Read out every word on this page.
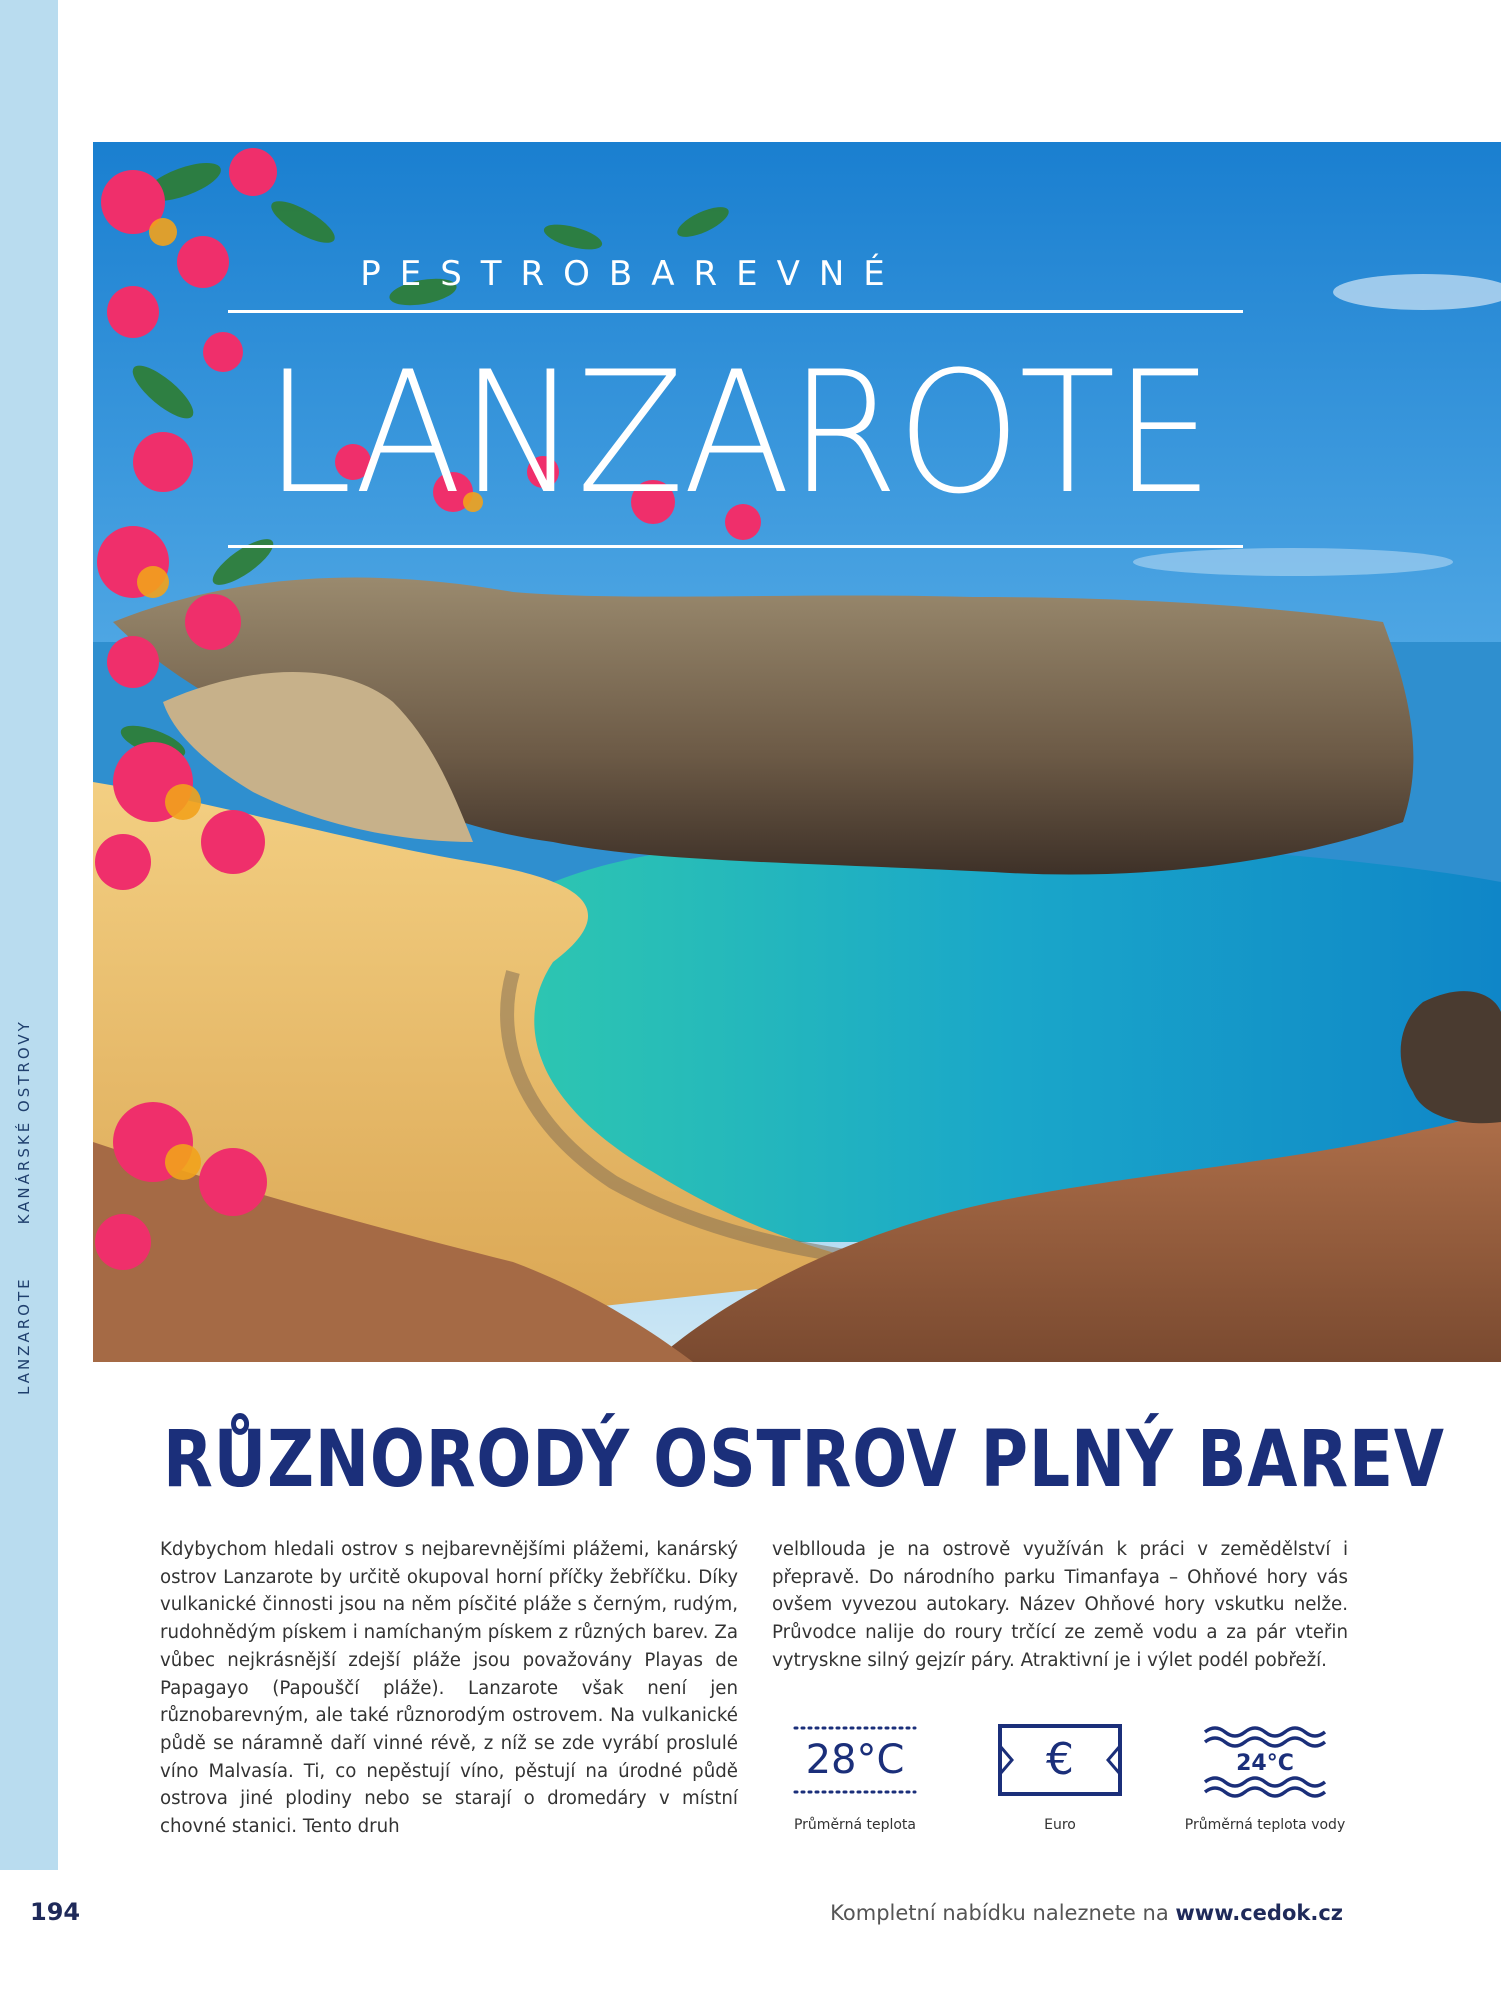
KANÁRSKÉ OSTROVY
LANZAROTE
PESTROBAREVNÉ
LANZAROTE
RŮZNORODÝ OSTROV PLNÝ BAREV

Kdybychom hledali ostrov s nejbarevnějšími plážemi, kanárský ostrov Lanzarote by určitě okupoval horní příčky žebříčku. Díky vulkanické činnosti jsou na něm písčité pláže s černým, rudým, rudohnědým pískem i namíchaným pískem z různých barev. Za vůbec nejkrásnější zdejší pláže jsou považovány Playas de Papagayo (Papouščí pláže). Lanzarote však není jen různobarevným, ale také různorodým ostrovem. Na vulkanické půdě se náramně daří vinné révě, z níž se zde vyrábí proslulé víno Malvasía. Ti, co nepěstují víno, pěstují na úrodné půdě ostrova jiné plodiny nebo se starají o dromedáry v místní chovné stanici. Tento druh

velbllouda je na ostrově využíván k práci v zemědělství i přepravě. Do národního parku Timanfaya – Ohňové hory vás ovšem vyvezou autokary. Název Ohňové hory vskutku nelže. Průvodce nalije do roury trčící ze země vodu a za pár vteřin vytryskne silný gejzír páry. Atraktivní je i výlet podél pobřeží.

28°C
Průměrná teplota
€
Euro
24°C
Průměrná teplota vody
194	Kompletní nabídku naleznete na www.cedok.cz
